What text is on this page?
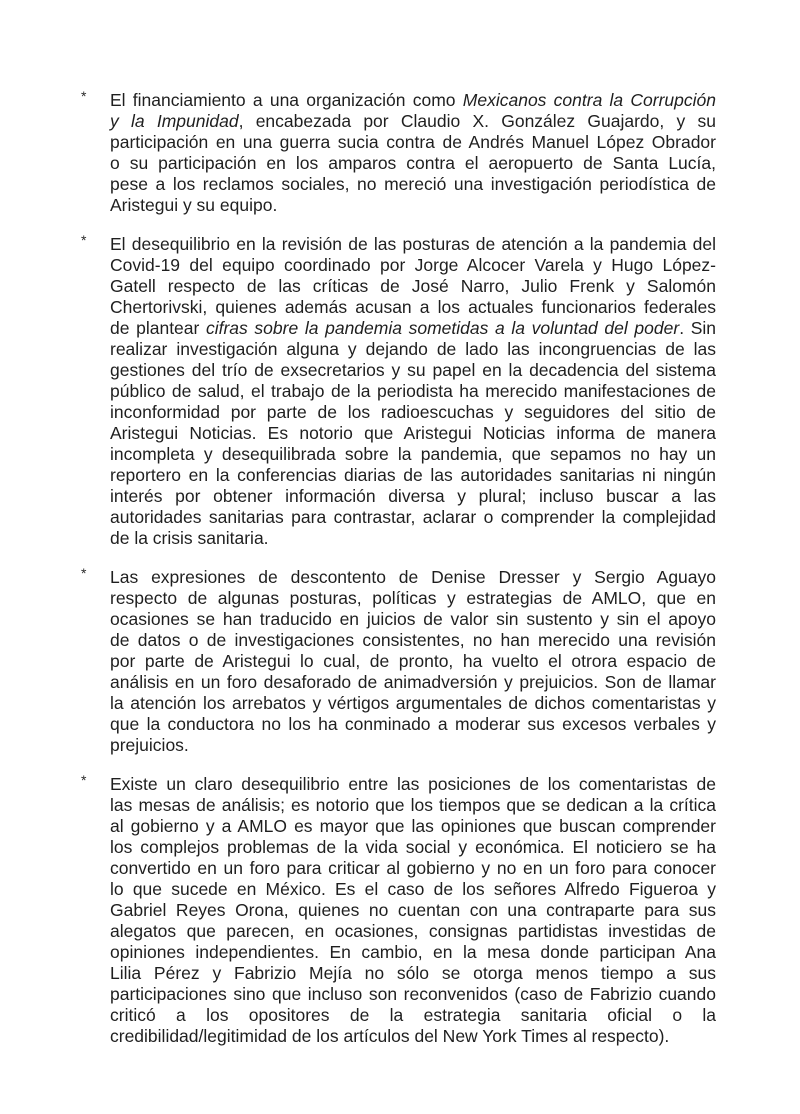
* El financiamiento a una organización como Mexicanos contra la Corrupción
y la Impunidad, encabezada por Claudio X. González Guajardo, y su
participación en una guerra sucia contra de Andrés Manuel López Obrador
o su participación en los amparos contra el aeropuerto de Santa Lucía,
pese a los reclamos sociales, no mereció una investigación periodística de
Aristegui y su equipo.
* El desequilibrio en la revisión de las posturas de atención a la pandemia del
Covid-19 del equipo coordinado por Jorge Alcocer Varela y Hugo López-
Gatell respecto de las críticas de José Narro, Julio Frenk y Salomón
Chertorivski, quienes además acusan a los actuales funcionarios federales
de plantear cifras sobre la pandemia sometidas a la voluntad del poder. Sin
realizar investigación alguna y dejando de lado las incongruencias de las
gestiones del trío de exsecretarios y su papel en la decadencia del sistema
público de salud, el trabajo de la periodista ha merecido manifestaciones de
inconformidad por parte de los radioescuchas y seguidores del sitio de
Aristegui Noticias. Es notorio que Aristegui Noticias informa de manera
incompleta y desequilibrada sobre la pandemia, que sepamos no hay un
reportero en la conferencias diarias de las autoridades sanitarias ni ningún
interés por obtener información diversa y plural; incluso buscar a las
autoridades sanitarias para contrastar, aclarar o comprender la complejidad
de la crisis sanitaria.
* Las expresiones de descontento de Denise Dresser y Sergio Aguayo
respecto de algunas posturas, políticas y estrategias de AMLO, que en
ocasiones se han traducido en juicios de valor sin sustento y sin el apoyo
de datos o de investigaciones consistentes, no han merecido una revisión
por parte de Aristegui lo cual, de pronto, ha vuelto el otrora espacio de
análisis en un foro desaforado de animadversión y prejuicios. Son de llamar
la atención los arrebatos y vértigos argumentales de dichos comentaristas y
que la conductora no los ha conminado a moderar sus excesos verbales y
prejuicios.
* Existe un claro desequilibrio entre las posiciones de los comentaristas de
las mesas de análisis; es notorio que los tiempos que se dedican a la crítica
al gobierno y a AMLO es mayor que las opiniones que buscan comprender
los complejos problemas de la vida social y económica. El noticiero se ha
convertido en un foro para criticar al gobierno y no en un foro para conocer
lo que sucede en México. Es el caso de los señores Alfredo Figueroa y
Gabriel Reyes Orona, quienes no cuentan con una contraparte para sus
alegatos que parecen, en ocasiones, consignas partidistas investidas de
opiniones independientes. En cambio, en la mesa donde participan Ana
Lilia Pérez y Fabrizio Mejía no sólo se otorga menos tiempo a sus
participaciones sino que incluso son reconvenidos (caso de Fabrizio cuando
criticó a los opositores de la estrategia sanitaria oficial o la
credibilidad/legitimidad de los artículos del New York Times al respecto).
